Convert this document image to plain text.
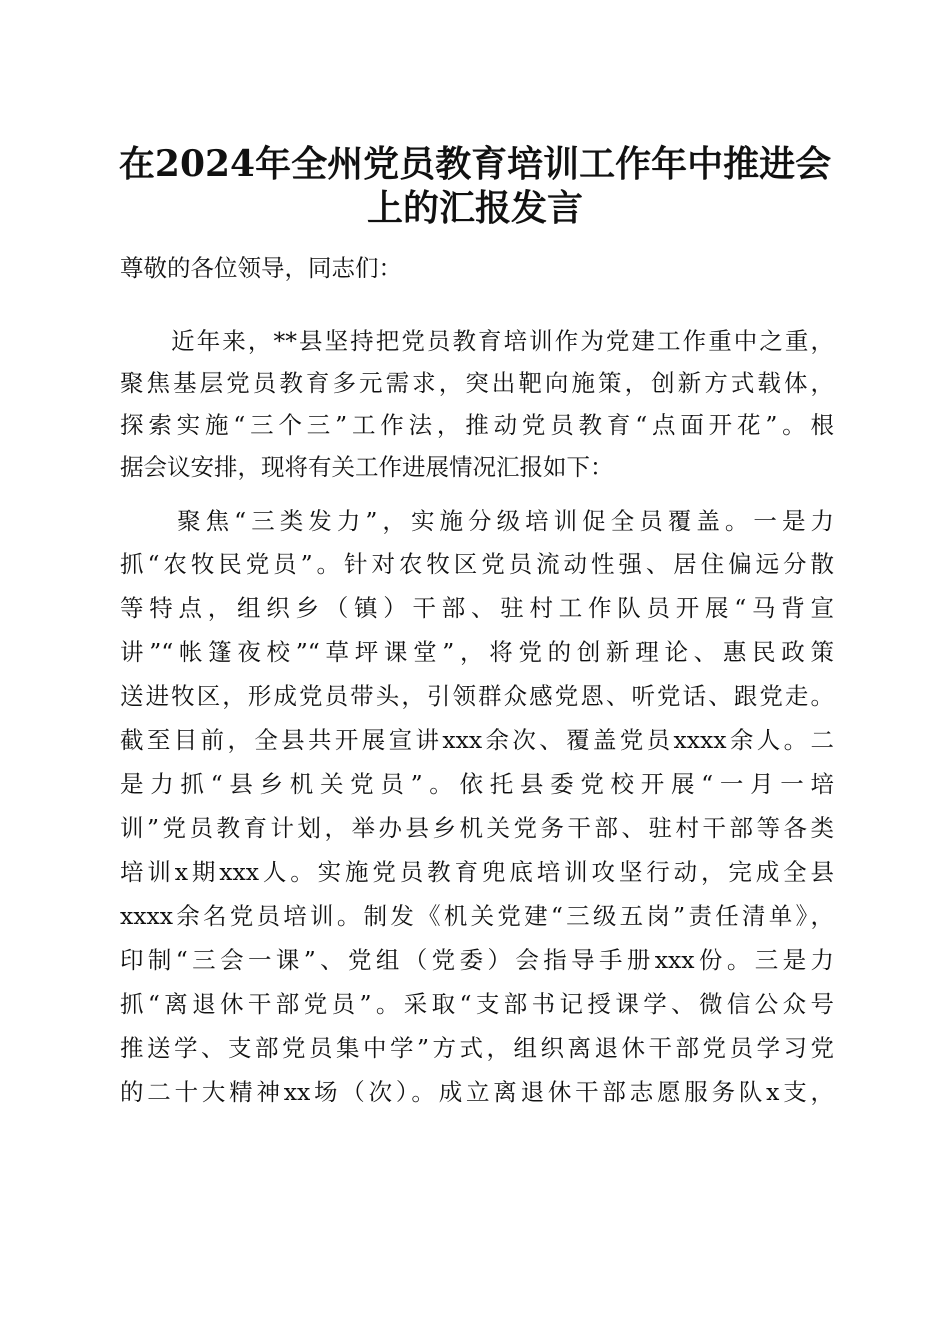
在2024年全州党员教育培训工作年中推进会
上的汇报发言
尊敬的各位领导，同志们：
　　近年来，**县坚持把党员教育培训作为党建工作重中之重，
聚焦基层党员教育多元需求，突出靶向施策，创新方式载体，
探索实施“三个三”工作法，推动党员教育“点面开花”。根
据会议安排，现将有关工作进展情况汇报如下：
　　聚焦“三类发力”，实施分级培训促全员覆盖。一是力
抓“农牧民党员”。针对农牧区党员流动性强、居住偏远分散
等特点，组织乡（镇）干部、驻村工作队员开展“马背宣
讲”“帐篷夜校”“草坪课堂”，将党的创新理论、惠民政策
送进牧区，形成党员带头，引领群众感党恩、听党话、跟党走。
截至目前，全县共开展宣讲xxx余次、覆盖党员xxxx余人。二
是力抓“县乡机关党员”。依托县委党校开展“一月一培
训”党员教育计划，举办县乡机关党务干部、驻村干部等各类
培训x期xxx人。实施党员教育兜底培训攻坚行动，完成全县
xxxx余名党员培训。制发《机关党建“三级五岗”责任清单》，
印制“三会一课”、党组（党委）会指导手册xxx份。三是力
抓“离退休干部党员”。采取“支部书记授课学、微信公众号
推送学、支部党员集中学”方式，组织离退休干部党员学习党
的二十大精神xx场（次）。成立离退休干部志愿服务队x支，
